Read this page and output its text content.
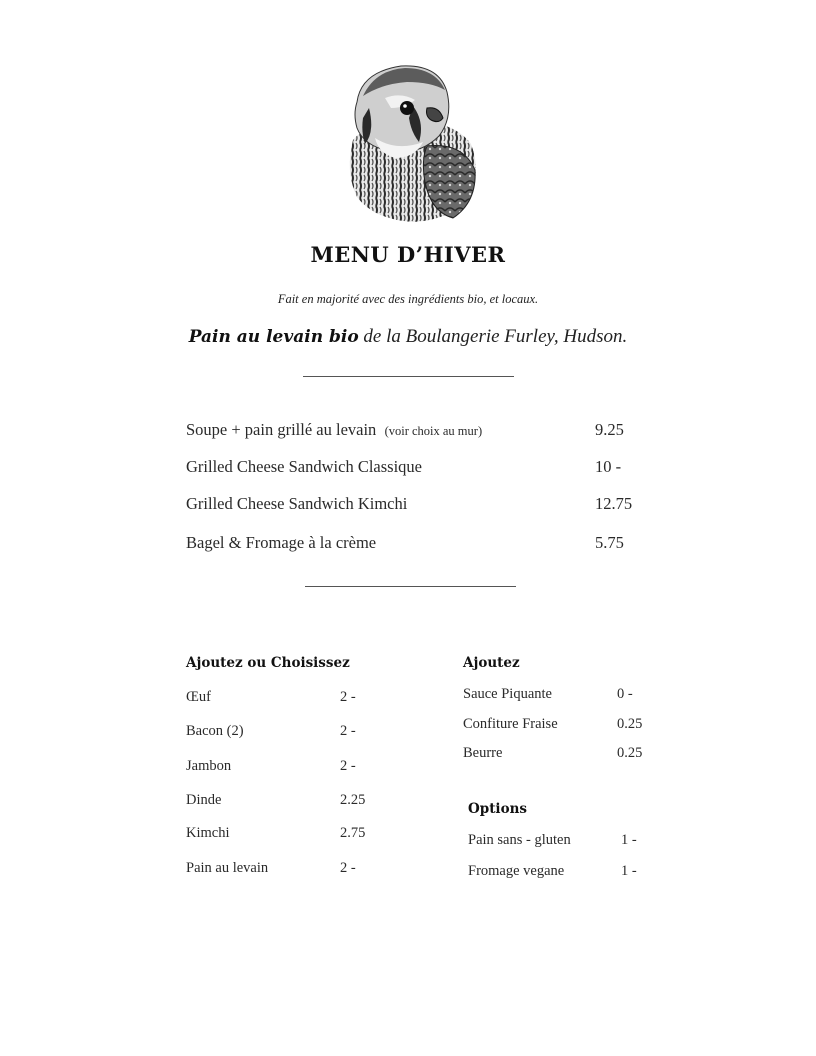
MENU D’HIVER
Fait en majorité avec des ingrédients bio, et locaux.
Pain au levain bio de la Boulangerie Furley, Hudson.
Soupe + pain grillé au levain (voir choix au mur)	9.25
Grilled Cheese Sandwich Classique	10 -
Grilled Cheese Sandwich Kimchi	12.75
Bagel & Fromage à la crème	5.75
Ajoutez ou Choisissez
Œuf	2 -
Bacon (2)	2 -
Jambon	2 -
Dinde	2.25
Kimchi	2.75
Pain au levain	2 -
Ajoutez
Sauce Piquante	0 -
Confiture Fraise	0.25
Beurre	0.25
Options
Pain sans - gluten	1 -
Fromage vegane	1 -
